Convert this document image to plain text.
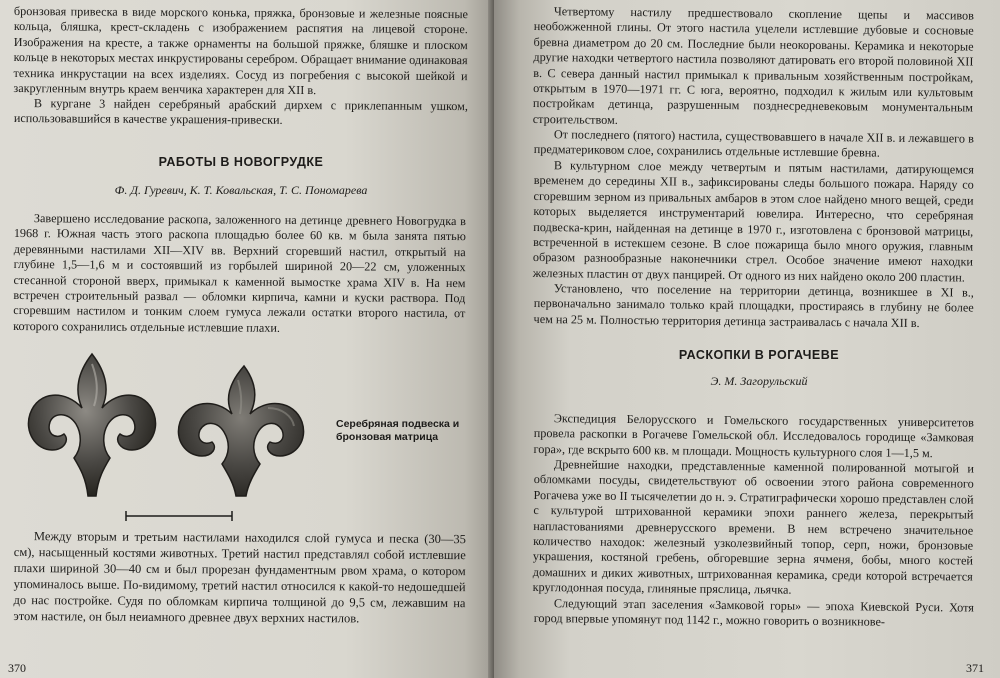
бронзовая привеска в виде морского конька, пряжка, бронзовые и железные поясные кольца, бляшка, крест-складень с изображением распятия на лицевой стороне. Изображения на кресте, а также орнаменты на большой пряжке, бляшке и плоском кольце в некоторых местах инкрустированы серебром. Обращает внимание одинаковая техника инкрустации на всех изделиях. Сосуд из погребения с высокой шейкой и закругленным внутрь краем венчика характерен для XII в.

В кургане 3 найден серебряный арабский дирхем с приклепанным ушком, использовавшийся в качестве украшения-привески.

РАБОТЫ В НОВОГРУДКЕ

Ф. Д. Гуревич, К. Т. Ковальская, Т. С. Пономарева

Завершено исследование раскопа, заложенного на детинце древнего Новогрудка в 1968 г. Южная часть этого раскопа площадью более 60 кв. м была занята пятью деревянными настилами XII—XIV вв. Верхний сгоревший настил, открытый на глубине 1,5—1,6 м и состоявший из горбылей шириной 20—22 см, уложенных стесанной стороной вверх, примыкал к каменной вымостке храма XIV в. На нем встречен строительный развал — обломки кирпича, камни и куски раствора. Под сгоревшим настилом и тонким слоем гумуса лежали остатки второго настила, от которого сохранились отдельные истлевшие плахи.

Серебряная подвеска и бронзовая матрица

Между вторым и третьим настилами находился слой гумуса и песка (30—35 см), насыщенный костями животных. Третий настил представлял собой истлевшие плахи шириной 30—40 см и был прорезан фундаментным рвом храма, о котором упоминалось выше. По-видимому, третий настил относился к какой-то недошедшей до нас постройке. Судя по обломкам кирпича толщиной до 9,5 см, лежавшим на этом настиле, он был неиамного древнее двух верхних настилов.

370

Четвертому настилу предшествовало скопление щепы и массивов необожженной глины. От этого настила уцелели истлевшие дубовые и сосновые бревна диаметром до 20 см. Последние были неокорованы. Керамика и некоторые другие находки четвертого настила позволяют датировать его второй половиной XII в. С севера данный настил примыкал к привальным хозяйственным постройкам, открытым в 1970—1971 гг. С юга, вероятно, подходил к жилым или культовым постройкам детинца, разрушенным позднесредневековым монументальным строительством.

От последнего (пятого) настила, существовавшего в начале XII в. и лежавшего в предматериковом слое, сохранились отдельные истлевшие бревна.

В культурном слое между четвертым и пятым настилами, датирующемся временем до середины XII в., зафиксированы следы большого пожара. Наряду со сгоревшим зерном из привальных амбаров в этом слое найдено много вещей, среди которых выделяется инструментарий ювелира. Интересно, что серебряная подвеска-крин, найденная на детинце в 1970 г., изготовлена с бронзовой матрицы, встреченной в истекшем сезоне. В слое пожарища было много оружия, главным образом разнообразные наконечники стрел. Особое значение имеют находки железных пластин от двух панцирей. От одного из них найдено около 200 пластин.

Установлено, что поселение на территории детинца, возникшее в XI в., первоначально занимало только край площадки, простираясь в глубину не более чем на 25 м. Полностью территория детинца застраивалась с начала XII в.

РАСКОПКИ В РОГАЧЕВЕ

Э. М. Загорульский

Экспедиция Белорусского и Гомельского государственных университетов провела раскопки в Рогачеве Гомельской обл. Исследовалось городище «Замковая гора», где вскрыто 600 кв. м площади. Мощность культурного слоя 1—1,5 м.

Древнейшие находки, представленные каменной полированной мотыгой и обломками посуды, свидетельствуют об освоении этого района современного Рогачева уже во II тысячелетии до н. э. Стратиграфически хорошо представлен слой с культурой штрихованной керамики эпохи раннего железа, перекрытый напластованиями древнерусского времени. В нем встречено значительное количество находок: железный узколезвийный топор, серп, ножи, бронзовые украшения, костяной гребень, обгоревшие зерна ячменя, бобы, много костей домашних и диких животных, штрихованная керамика, среди которой встречается круглодонная посуда, глиняные пряслица, льячка.

Следующий этап заселения «Замковой горы» — эпоха Киевской Руси. Хотя город впервые упомянут под 1142 г., можно говорить о возникнове-

371
